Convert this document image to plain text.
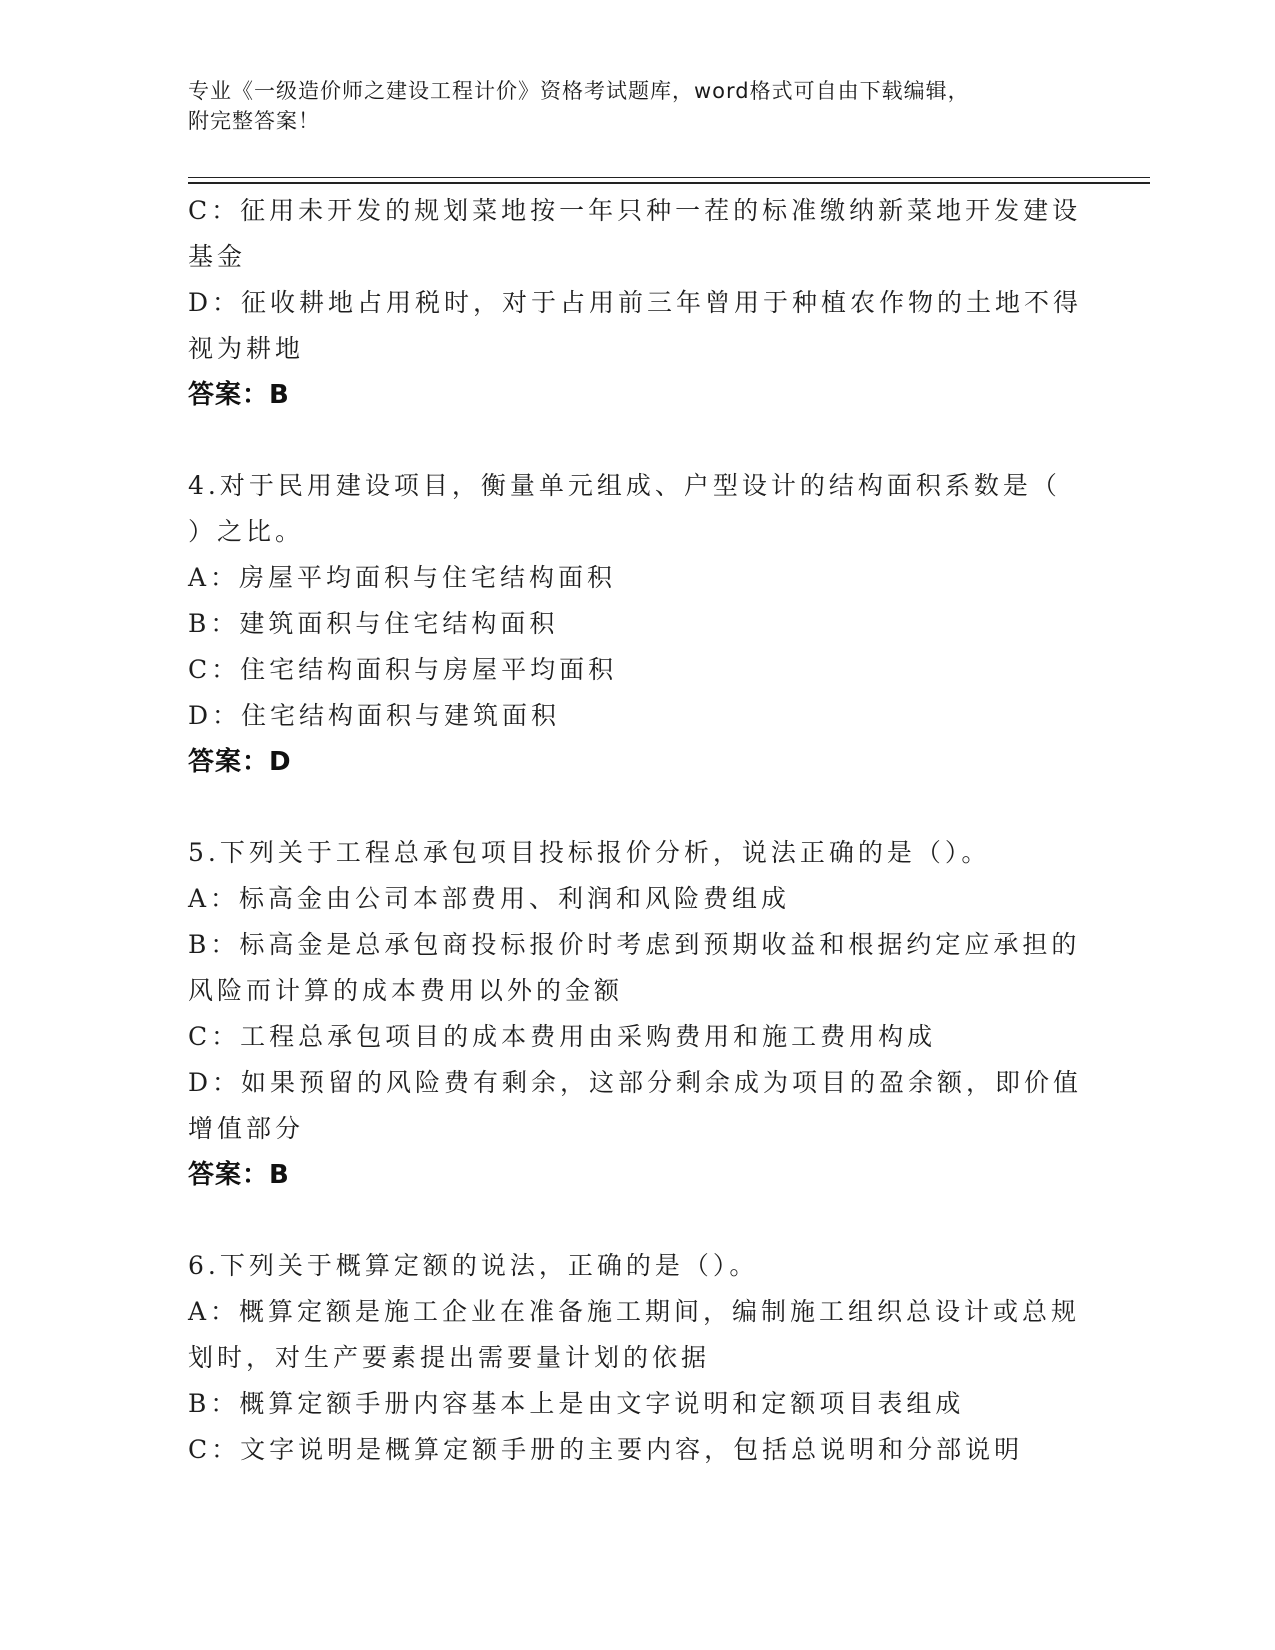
专业《一级造价师之建设工程计价》资格考试题库，word格式可自由下载编辑，
附完整答案！
C：征用未开发的规划菜地按一年只种一茬的标准缴纳新菜地开发建设
基金
D：征收耕地占用税时，对于占用前三年曾用于种植农作物的土地不得
视为耕地
答案：B
4.对于民用建设项目，衡量单元组成、户型设计的结构面积系数是（
）之比。
A：房屋平均面积与住宅结构面积
B：建筑面积与住宅结构面积
C：住宅结构面积与房屋平均面积
D：住宅结构面积与建筑面积
答案：D
5.下列关于工程总承包项目投标报价分析，说法正确的是（）。
A：标高金由公司本部费用、利润和风险费组成
B：标高金是总承包商投标报价时考虑到预期收益和根据约定应承担的
风险而计算的成本费用以外的金额
C：工程总承包项目的成本费用由采购费用和施工费用构成
D：如果预留的风险费有剩余，这部分剩余成为项目的盈余额，即价值
增值部分
答案：B
6.下列关于概算定额的说法，正确的是（）。
A：概算定额是施工企业在准备施工期间，编制施工组织总设计或总规
划时，对生产要素提出需要量计划的依据
B：概算定额手册内容基本上是由文字说明和定额项目表组成
C：文字说明是概算定额手册的主要内容，包括总说明和分部说明
